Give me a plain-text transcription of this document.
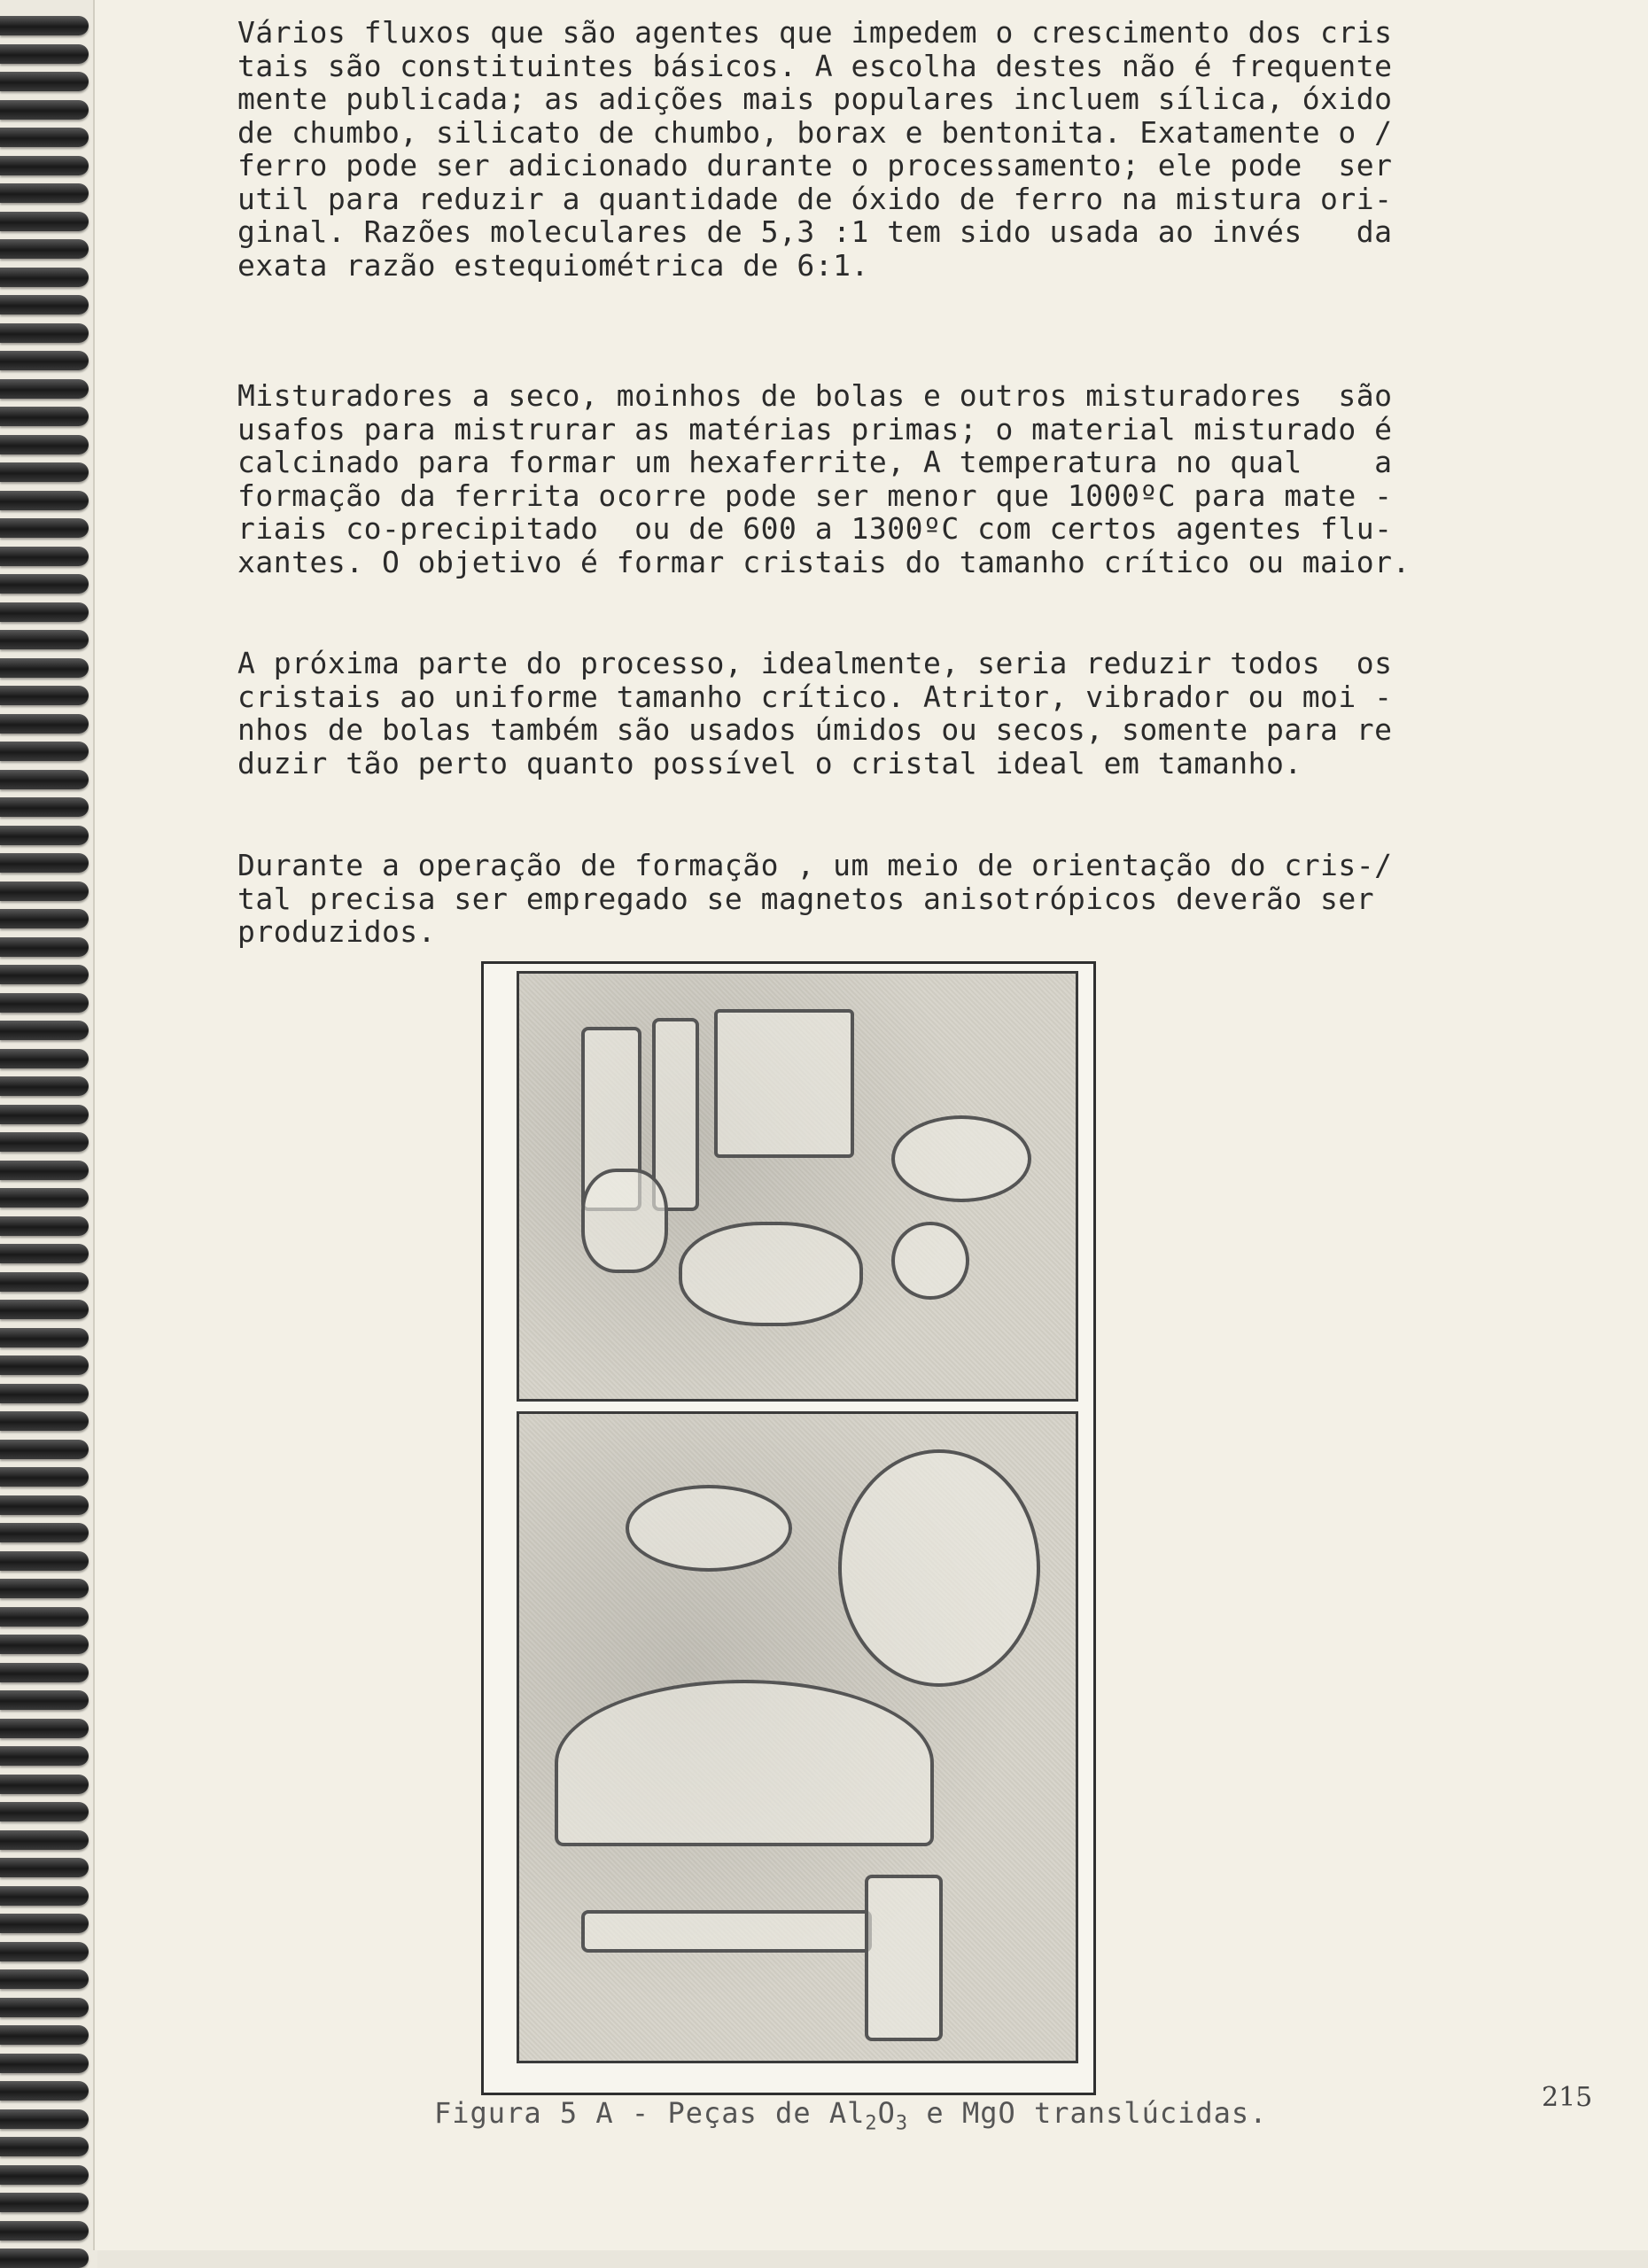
Vários fluxos que são agentes que impedem o crescimento dos cris
tais são constituintes básicos. A escolha destes não é frequente
mente publicada; as adições mais populares incluem sílica, óxido
de chumbo, silicato de chumbo, borax e bentonita. Exatamente o /
ferro pode ser adicionado durante o processamento; ele pode  ser
util para reduzir a quantidade de óxido de ferro na mistura ori-
ginal. Razões moleculares de 5,3 :1 tem sido usada ao invés   da
exata razão estequiométrica de 6:1.

Misturadores a seco, moinhos de bolas e outros misturadores  são
usafos para mistrurar as matérias primas; o material misturado é
calcinado para formar um hexaferrite, A temperatura no qual    a
formação da ferrita ocorre pode ser menor que 1000ºC para mate -
riais co-precipitado  ou de 600 a 1300ºC com certos agentes flu-
xantes. O objetivo é formar cristais do tamanho crítico ou maior.

A próxima parte do processo, idealmente, seria reduzir todos  os
cristais ao uniforme tamanho crítico. Atritor, vibrador ou moi -
nhos de bolas também são usados úmidos ou secos, somente para re
duzir tão perto quanto possível o cristal ideal em tamanho.

Durante a operação de formação , um meio de orientação do cris-/
tal precisa ser empregado se magnetos anisotrópicos deverão ser
produzidos.

Figura 5 A - Peças de $Al_2O_3$ e MgO translúcidas.	215
